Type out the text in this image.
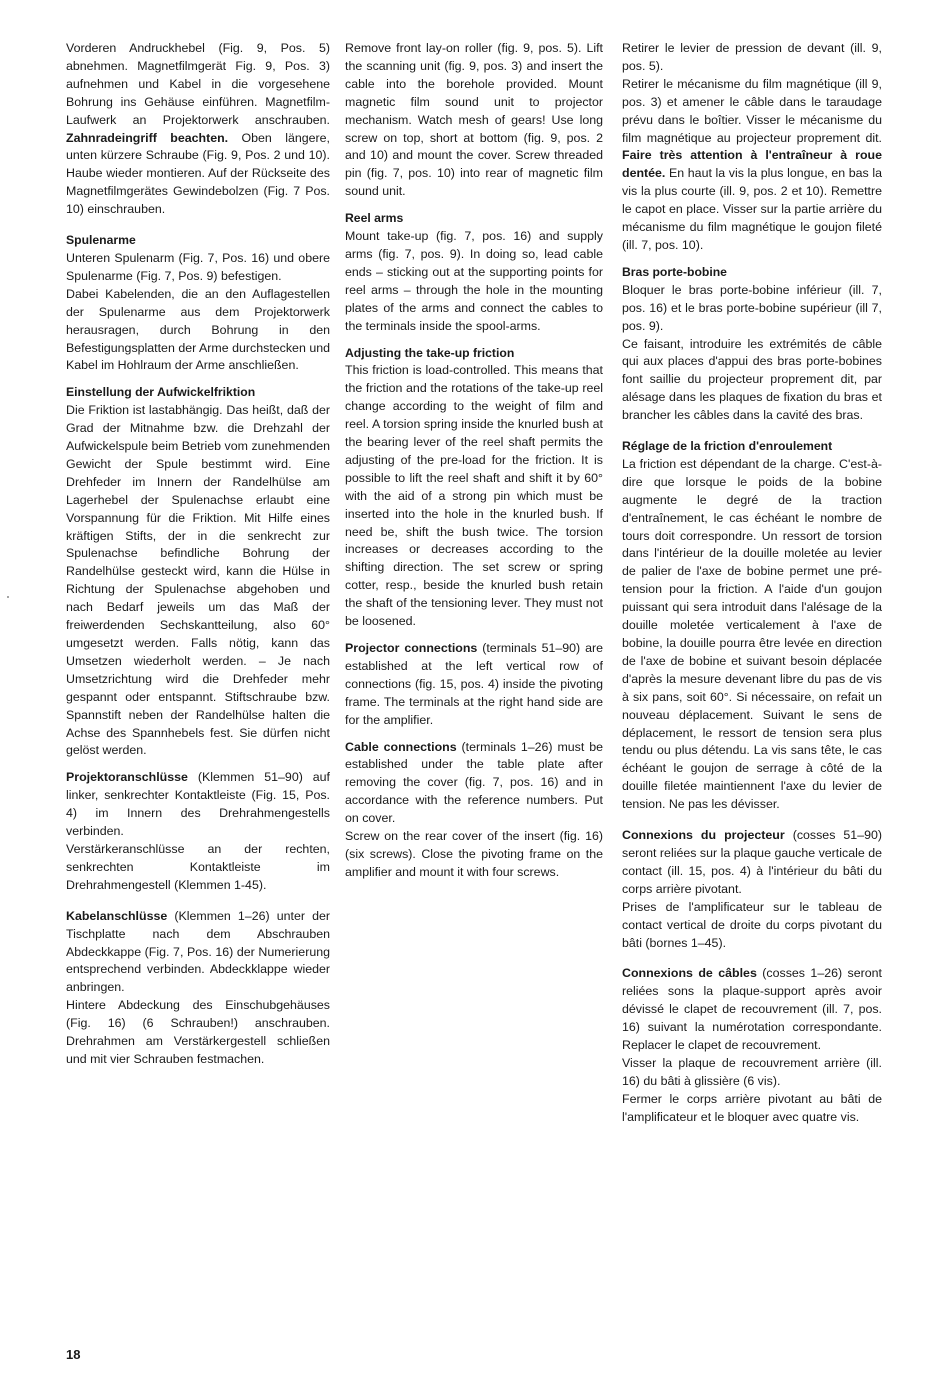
Vorderen Andruckhebel (Fig. 9, Pos. 5) abnehmen. Magnetfilmgerät Fig. 9, Pos. 3) aufnehmen und Kabel in die vorgesehene Bohrung ins Gehäuse einführen. Magnetfilm-Laufwerk an Projektorwerk anschrauben. Zahnradeingriff beachten. Oben längere, unten kürzere Schraube (Fig. 9, Pos. 2 und 10). Haube wieder montieren. Auf der Rückseite des Magnetfilmgerätes Gewindebolzen (Fig. 7 Pos. 10) einschrauben.

Spulenarme

Unteren Spulenarm (Fig. 7, Pos. 16) und obere Spulenarme (Fig. 7, Pos. 9) befestigen.

Dabei Kabelenden, die an den Auflagestellen der Spulenarme aus dem Projektorwerk herausragen, durch Bohrung in den Befestigungsplatten der Arme durchstecken und Kabel im Hohlraum der Arme anschließen.

Einstellung der Aufwickelfriktion

Die Friktion ist lastabhängig. Das heißt, daß der Grad der Mitnahme bzw. die Drehzahl der Aufwickelspule beim Betrieb vom zunehmenden Gewicht der Spule bestimmt wird. Eine Drehfeder im Innern der Randelhülse am Lagerhebel der Spulenachse erlaubt eine Vorspannung für die Friktion. Mit Hilfe eines kräftigen Stifts, der in die senkrecht zur Spulenachse befindliche Bohrung der Randelhülse gesteckt wird, kann die Hülse in Richtung der Spulenachse abgehoben und nach Bedarf jeweils um das Maß der freiwerdenden Sechskantteilung, also 60° umgesetzt werden. Falls nötig, kann das Umsetzen wiederholt werden. – Je nach Umsetzrichtung wird die Drehfeder mehr gespannt oder entspannt. Stiftschraube bzw. Spannstift neben der Randelhülse halten die Achse des Spannhebels fest. Sie dürfen nicht gelöst werden.

Projektoranschlüsse (Klemmen 51–90) auf linker, senkrechter Kontaktleiste (Fig. 15, Pos. 4) im Innern des Drehrahmengestells verbinden.

Verstärkeranschlüsse an der rechten, senkrechten Kontaktleiste im Drehrahmengestell (Klemmen 1-45).

Kabelanschlüsse (Klemmen 1–26) unter der Tischplatte nach dem Abschrauben Abdeckkappe (Fig. 7, Pos. 16) der Numerierung entsprechend verbinden. Abdeckklappe wieder anbringen.

Hintere Abdeckung des Einschubgehäuses (Fig. 16) (6 Schrauben!) anschrauben. Drehrahmen am Verstärkergestell schließen und mit vier Schrauben festmachen.

Remove front lay-on roller (fig. 9, pos. 5). Lift the scanning unit (fig. 9, pos. 3) and insert the cable into the borehole provided. Mount magnetic film sound unit to projector mechanism. Watch mesh of gears! Use long screw on top, short at bottom (fig. 9, pos. 2 and 10) and mount the cover. Screw threaded pin (fig. 7, pos. 10) into rear of magnetic film sound unit.

Reel arms

Mount take-up (fig. 7, pos. 16) and supply arms (fig. 7, pos. 9). In doing so, lead cable ends – sticking out at the supporting points for reel arms – through the hole in the mounting plates of the arms and connect the cables to the terminals inside the spool-arms.

Adjusting the take-up friction

This friction is load-controlled. This means that the friction and the rotations of the take-up reel change according to the weight of film and reel. A torsion spring inside the knurled bush at the bearing lever of the reel shaft permits the adjusting of the pre-load for the friction. It is possible to lift the reel shaft and shift it by 60° with the aid of a strong pin which must be inserted into the hole in the knurled bush. If need be, shift the bush twice. The torsion increases or decreases according to the shifting direction. The set screw or spring cotter, resp., beside the knurled bush retain the shaft of the tensioning lever. They must not be loosened.

Projector connections (terminals 51–90) are established at the left vertical row of connections (fig. 15, pos. 4) inside the pivoting frame. The terminals at the right hand side are for the amplifier.

Cable connections (terminals 1–26) must be established under the table plate after removing the cover (fig. 7, pos. 16) and in accordance with the reference numbers. Put on cover.

Screw on the rear cover of the insert (fig. 16) (six screws). Close the pivoting frame on the amplifier and mount it with four screws.

Retirer le levier de pression de devant (ill. 9, pos. 5).

Retirer le mécanisme du film magnétique (ill 9, pos. 3) et amener le câble dans le taraudage prévu dans le boîtier. Visser le mécanisme du film magnétique au projecteur proprement dit. Faire très attention à l'entraîneur à roue dentée. En haut la vis la plus longue, en bas la vis la plus courte (ill. 9, pos. 2 et 10). Remettre le capot en place. Visser sur la partie arrière du mécanisme du film magnétique le goujon fileté (ill. 7, pos. 10).

Bras porte-bobine

Bloquer le bras porte-bobine inférieur (ill. 7, pos. 16) et le bras porte-bobine supérieur (ill 7, pos. 9).

Ce faisant, introduire les extrémités de câble qui aux places d'appui des bras porte-bobines font saillie du projecteur proprement dit, par alésage dans les plaques de fixation du bras et brancher les câbles dans la cavité des bras.

Réglage de la friction d'enroulement

La friction est dépendant de la charge. C'est-à-dire que lorsque le poids de la bobine augmente le degré de la traction d'entraînement, le cas échéant le nombre de tours doit correspondre. Un ressort de torsion dans l'intérieur de la douille moletée au levier de palier de l'axe de bobine permet une pré-tension pour la friction. A l'aide d'un goujon puissant qui sera introduit dans l'alésage de la douille moletée verticalement à l'axe de bobine, la douille pourra être levée en direction de l'axe de bobine et suivant besoin déplacée d'après la mesure devenant libre du pas de vis à six pans, soit 60°. Si nécessaire, on refait un nouveau déplacement. Suivant le sens de déplacement, le ressort de tension sera plus tendu ou plus détendu. La vis sans tête, le cas échéant le goujon de serrage à côté de la douille filetée maintiennent l'axe du levier de tension. Ne pas les dévisser.

Connexions du projecteur (cosses 51–90) seront reliées sur la plaque gauche verticale de contact (ill. 15, pos. 4) à l'intérieur du bâti du corps arrière pivotant.

Prises de l'amplificateur sur le tableau de contact vertical de droite du corps pivotant du bâti (bornes 1–45).

Connexions de câbles (cosses 1–26) seront reliées sons la plaque-support après avoir dévissé le clapet de recouvrement (ill. 7, pos. 16) suivant la numérotation correspondante. Replacer le clapet de recouvrement.

Visser la plaque de recouvrement arrière (ill. 16) du bâti à glissière (6 vis).

Fermer le corps arrière pivotant au bâti de l'amplificateur et le bloquer avec quatre vis.

18
